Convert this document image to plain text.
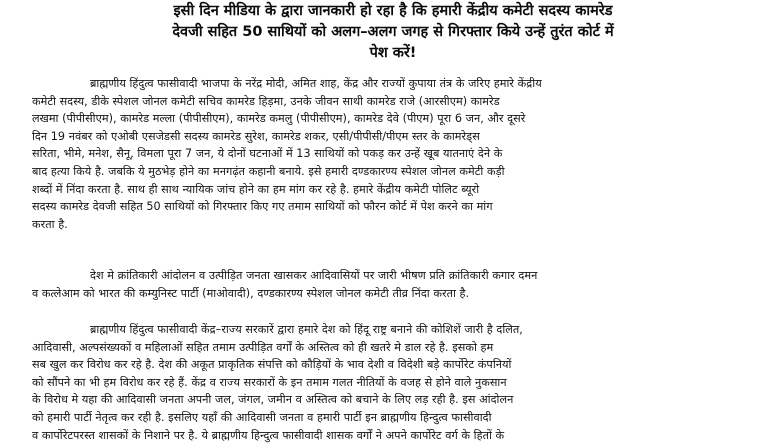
इसी दिन मीडिया के द्वारा जानकारी हो रहा है कि हमारी केंद्रीय कमेटी सदस्य कामरेड
देवजी सहित 50 साथियों को अलग–अलग जगह से गिरफ्तार किये उन्हें तुरंत कोर्ट में
पेश करें!
ब्राह्मणीय हिंदुत्व फासीवादी भाजपा के नरेंद्र मोदी, अमित शाह, केंद्र और राज्यों कुपाया तंत्र के जरिए हमारे केंद्रीय
कमेटी सदस्य, डीके स्पेशल जोनल कमेटी सचिव कामरेड हिड़मा, उनके जीवन साथी कामरेड राजे (आरसीएम) कामरेड
लखमा (पीपीसीएम), कामरेड मल्ला (पीपीसीएम), कामरेड कमलु (पीपीसीएम), कामरेड देवे (पीएम) पूरा 6 जन, और दूसरे
दिन 19 नवंबर को एओबी एसजेडसी सदस्य कामरेड सुरेश, कामरेड शकर, एसी/पीपीसी/पीएम स्तर के कामरेड्स
सरिता, भीमे, मनेश, सैनू, विमला पूरा 7 जन, ये दोनों घटनाओं में 13 साथियों को पकड़ कर उन्हें खूब यातनाएं देने के
बाद हत्या किये है. जबकि ये मुठभेड़ होने का मनगढ़ंत कहानी बनाये. इसे हमारी दण्डकारण्य स्पेशल जोनल कमेटी कड़ी
शब्दों में निंदा करता है. साथ ही साथ न्यायिक जांच होने का हम मांग कर रहे है. हमारे केंद्रीय कमेटी पोलिट ब्यूरो
सदस्य कामरेड देवजी सहित 50 साथियों को गिरफ्तार किए गए तमाम साथियों को फौरन कोर्ट में पेश करने का मांग
करता है.
देश मे क्रांतिकारी आंदोलन व उत्पीड़ित जनता खासकर आदिवासियों पर जारी भीषण प्रति क्रांतिकारी कगार दमन
व कत्लेआम को भारत की कम्युनिस्ट पार्टी (माओवादी), दण्डकारण्य स्पेशल जोनल कमेटी तीव्र निंदा करता है.
ब्राह्मणीय हिंदुत्व फासीवादी केंद्र–राज्य सरकारें द्वारा हमारे देश को हिंदू राष्ट्र बनाने की कोशिशें जारी है दलित,
आदिवासी, अल्पसंख्यकों व महिलाओं सहित तमाम उत्पीड़ित वर्गों के अस्तित्व को ही खतरे मे डाल रहे है. इसको हम
सब खुल कर विरोध कर रहे है. देश की अकूत प्राकृतिक संपत्ति को कौड़ियों के भाव देशी व विदेशी बड़े कार्पोरेट कंपनियों
को सौंपने का भी हम विरोध कर रहे हैं. केंद्र व राज्य सरकारों के इन तमाम गलत नीतियों के वजह से होने वाले नुकसान
के विरोध मे यहा की आदिवासी जनता अपनी जल, जंगल, जमीन व अस्तित्व को बचाने के लिए लड़ रही है. इस आंदोलन
को हमारी पार्टी नेतृत्व कर रही है. इसलिए यहाँ की आदिवासी जनता व हमारी पार्टी इन ब्राह्मणीय हिन्दुत्व फासीवादी
व कार्पोरेटपरस्त शासकों के निशाने पर है. ये ब्राह्मणीय हिन्दुत्व फासीवादी शासक वर्गों ने अपने कार्पोरेट वर्ग के हितों के
